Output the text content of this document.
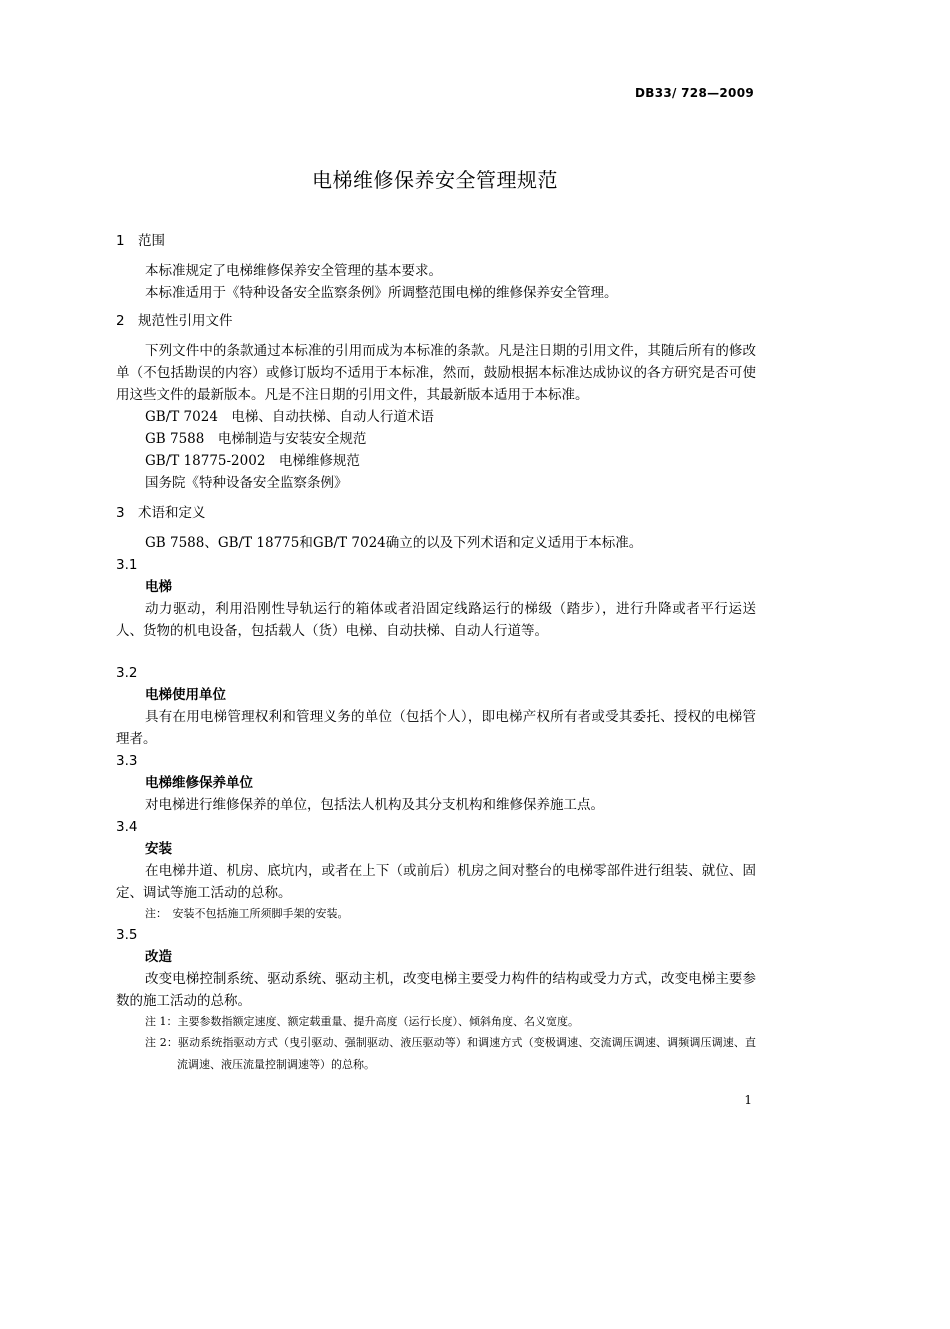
DB33/ 728—2009
电梯维修保养安全管理规范
1 范围

本标准规定了电梯维修保养安全管理的基本要求。

本标准适用于《特种设备安全监察条例》所调整范围电梯的维修保养安全管理。

2 规范性引用文件

下列文件中的条款通过本标准的引用而成为本标准的条款。凡是注日期的引用文件，其随后所有的修改单（不包括勘误的内容）或修订版均不适用于本标准，然而，鼓励根据本标准达成协议的各方研究是否可使用这些文件的最新版本。凡是不注日期的引用文件，其最新版本适用于本标准。

GB/T 7024　电梯、自动扶梯、自动人行道术语

GB 7588　电梯制造与安装安全规范

GB/T 18775-2002　电梯维修规范

国务院《特种设备安全监察条例》

3 术语和定义

GB 7588、GB/T 18775和GB/T 7024确立的以及下列术语和定义适用于本标准。

3.1

电梯

动力驱动，利用沿刚性导轨运行的箱体或者沿固定线路运行的梯级（踏步），进行升降或者平行运送人、货物的机电设备，包括载人（货）电梯、自动扶梯、自动人行道等。

3.2

电梯使用单位

具有在用电梯管理权利和管理义务的单位（包括个人），即电梯产权所有者或受其委托、授权的电梯管理者。

3.3

电梯维修保养单位

对电梯进行维修保养的单位，包括法人机构及其分支机构和维修保养施工点。

3.4

安装

在电梯井道、机房、底坑内，或者在上下（或前后）机房之间对整台的电梯零部件进行组装、就位、固定、调试等施工活动的总称。

注：　安装不包括施工所须脚手架的安装。

3.5

改造

改变电梯控制系统、驱动系统、驱动主机，改变电梯主要受力构件的结构或受力方式，改变电梯主要参数的施工活动的总称。

注 1：主要参数指额定速度、额定载重量、提升高度（运行长度）、倾斜角度、名义宽度。

注 2：驱动系统指驱动方式（曳引驱动、强制驱动、液压驱动等）和调速方式（变极调速、交流调压调速、调频调压调速、直流调速、液压流量控制调速等）的总称。

1
